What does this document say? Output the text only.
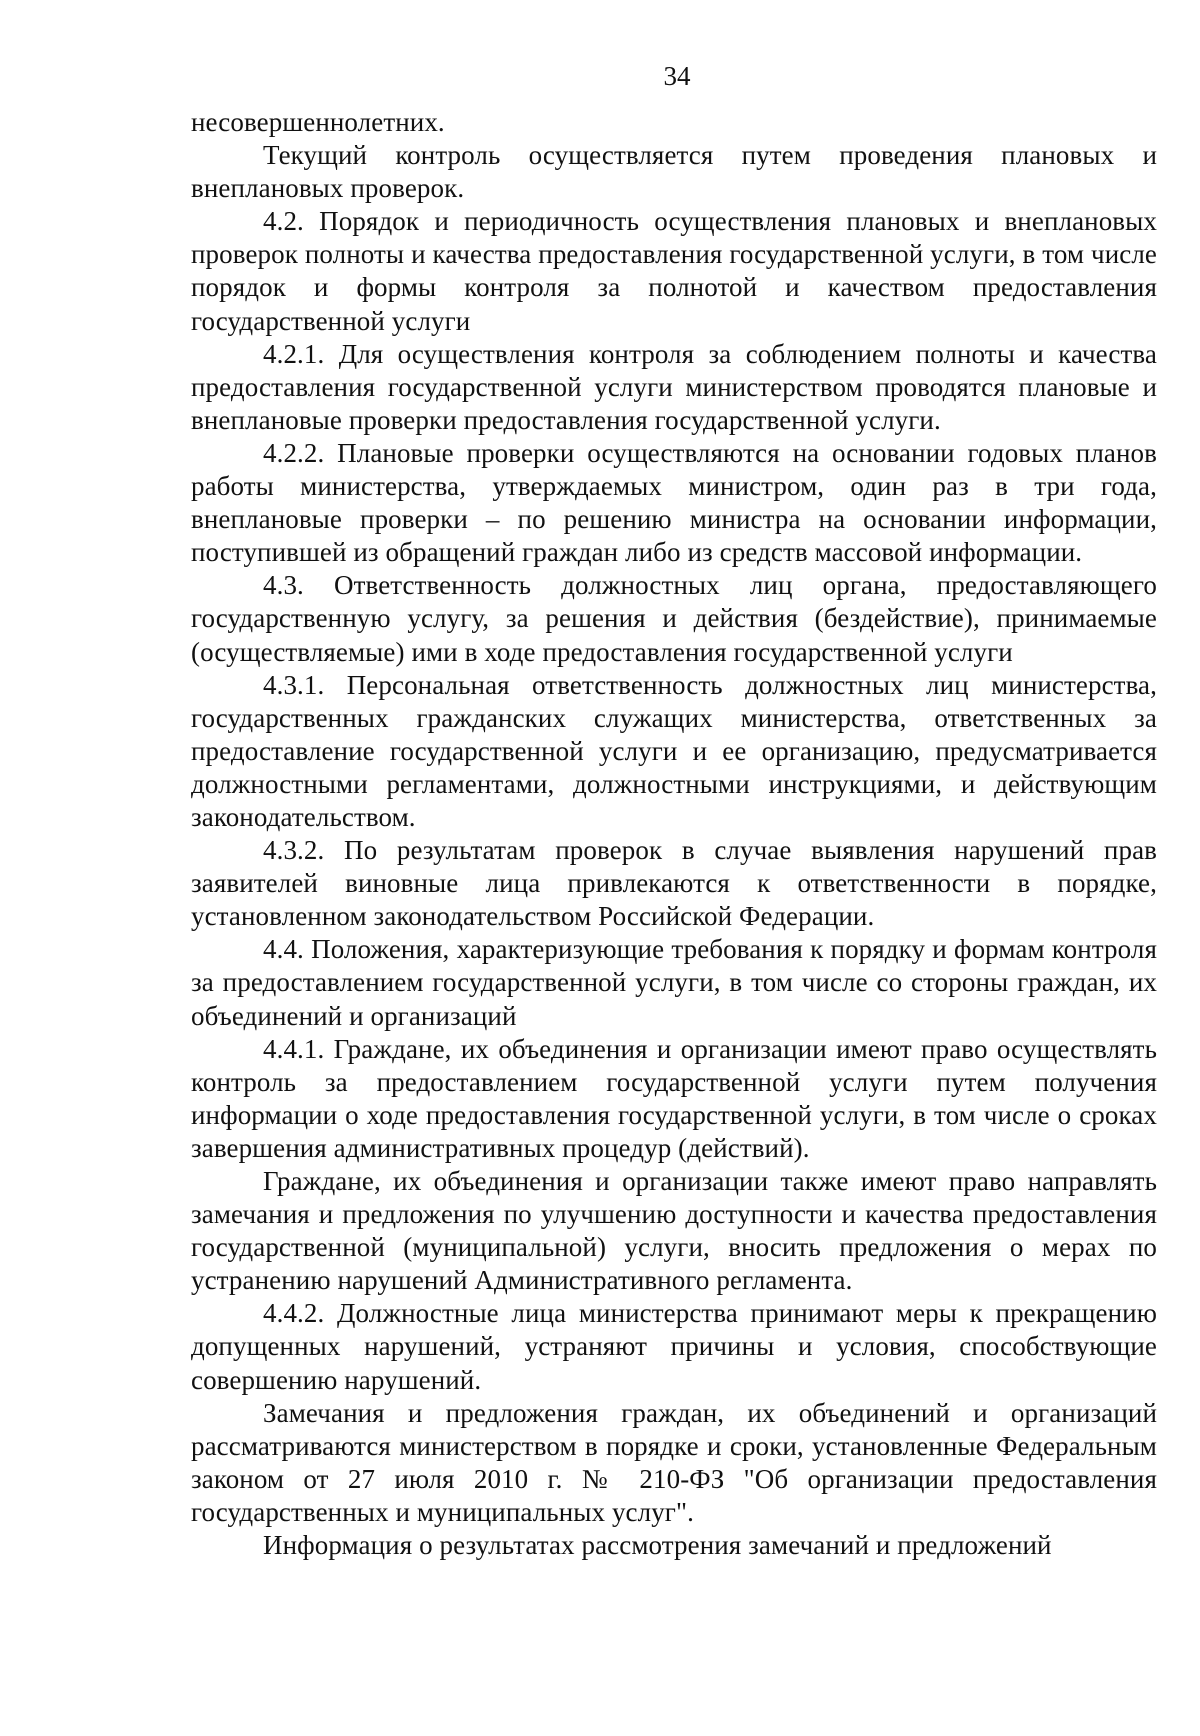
34

несовершеннолетних.

Текущий контроль осуществляется путем проведения плановых и внеплановых проверок.

4.2. Порядок и периодичность осуществления плановых и внеплановых проверок полноты и качества предоставления государственной услуги, в том числе порядок и формы контроля за полнотой и качеством предоставления государственной услуги

4.2.1. Для осуществления контроля за соблюдением полноты и качества предоставления государственной услуги министерством проводятся плановые и внеплановые проверки предоставления государственной услуги.

4.2.2. Плановые проверки осуществляются на основании годовых планов работы министерства, утверждаемых министром, один раз в три года, внеплановые проверки – по решению министра на основании информации, поступившей из обращений граждан либо из средств массовой информации.

4.3. Ответственность должностных лиц органа, предоставляющего государственную услугу, за решения и действия (бездействие), принимаемые (осуществляемые) ими в ходе предоставления государственной услуги

4.3.1. Персональная ответственность должностных лиц министерства, государственных гражданских служащих министерства, ответственных за предоставление государственной услуги и ее организацию, предусматривается должностными регламентами, должностными инструкциями, и действующим законодательством.

4.3.2. По результатам проверок в случае выявления нарушений прав заявителей виновные лица привлекаются к ответственности в порядке, установленном законодательством Российской Федерации.

4.4. Положения, характеризующие требования к порядку и формам контроля за предоставлением государственной услуги, в том числе со стороны граждан, их объединений и организаций

4.4.1. Граждане, их объединения и организации имеют право осуществлять контроль за предоставлением государственной услуги путем получения информации о ходе предоставления государственной услуги, в том числе о сроках завершения административных процедур (действий).

Граждане, их объединения и организации также имеют право направлять замечания и предложения по улучшению доступности и качества предоставления государственной (муниципальной) услуги, вносить предложения о мерах по устранению нарушений Административного регламента.

4.4.2. Должностные лица министерства принимают меры к прекращению допущенных нарушений, устраняют причины и условия, способствующие совершению нарушений.

Замечания и предложения граждан, их объединений и организаций рассматриваются министерством в порядке и сроки, установленные Федеральным законом от 27 июля 2010 г. № 210-ФЗ "Об организации предоставления государственных и муниципальных услуг".

Информация о результатах рассмотрения замечаний и предложений
